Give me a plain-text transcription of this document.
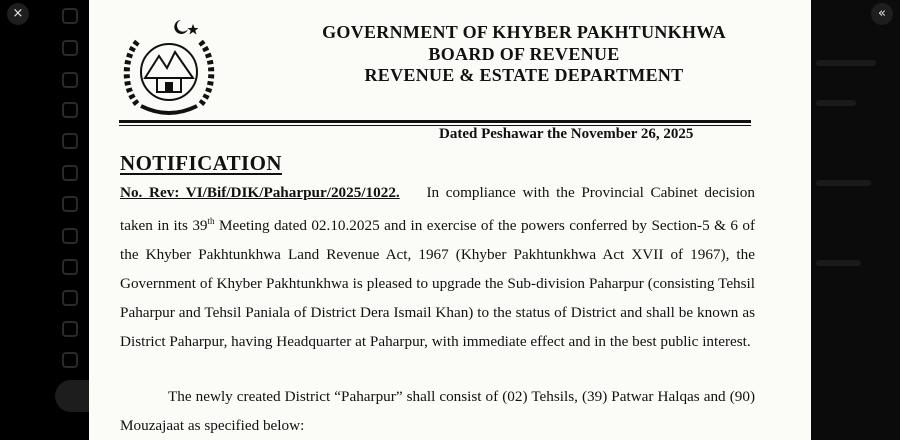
×	«
GOVERNMENT OF KHYBER PAKHTUNKHWA
BOARD OF REVENUE
REVENUE & ESTATE DEPARTMENT
Dated Peshawar the November 26, 2025
NOTIFICATION

No. Rev: VI/Bif/DIK/Paharpur/2025/1022. In compliance with the Provincial Cabinet decision taken in its 39th Meeting dated 02.10.2025 and in exercise of the powers conferred by Section-5 & 6 of the Khyber Pakhtunkhwa Land Revenue Act, 1967 (Khyber Pakhtunkhwa Act XVII of 1967), the Government of Khyber Pakhtunkhwa is pleased to upgrade the Sub-division Paharpur (consisting Tehsil Paharpur and Tehsil Paniala of District Dera Ismail Khan) to the status of District and shall be known as District Paharpur, having Headquarter at Paharpur, with immediate effect and in the best public interest.

The newly created District “Paharpur” shall consist of (02) Tehsils, (39) Patwar Halqas and (90) Mouzajaat as specified below:
